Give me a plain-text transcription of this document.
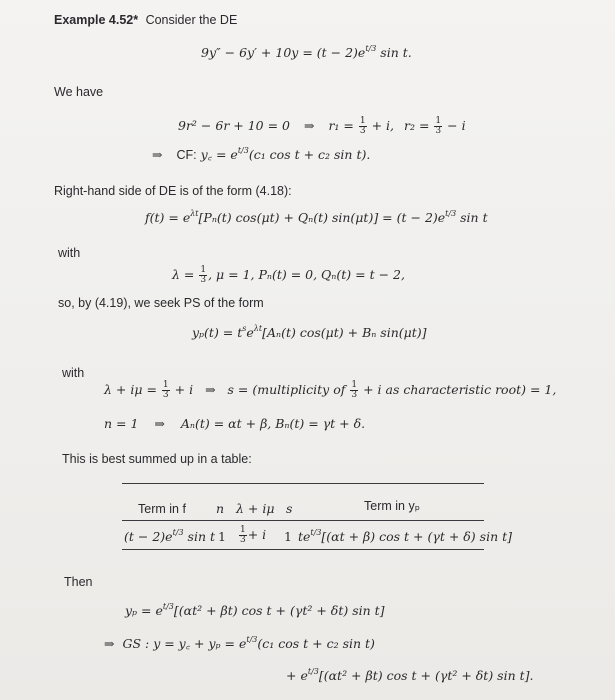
Example 4.52* Consider the DE
$9y'' - 6y' + 10y = (t - 2)e^{t/3}$ sin t.
We have
9r² − 6r + 10 = 0 ⇒ $r_1 = \frac{1}{3} + i$, $r_2 = \frac{1}{3} - i$
⇒ CF: y꜀ = $e^{t/3}(c_1$ cos t + c₂ sin t).
Right-hand side of DE is of the form (4.18):
$f(t) = e^{\lambda t}[P_n(t) \cos(\mu t) + Q_n(t) \sin(\mu t)] = (t - 2)e^{t/3}$ sin t
with
$\lambda = \frac{1}{3}$ , μ = 1, Pₙ(t) = 0, Qₙ(t) = t − 2,
so, by (4.19), we seek PS of the form
$y_p(t) = t^se^{\lambda t}[A_n(t) \cos(\mu t) + B_n$ sin(μt)]
with
$\lambda + i\mu = \frac{1}{3} + i$ ⇒ s = (multiplicity of $\frac{1}{3} + i$ as characteristic root) = 1,
n = 1 ⇒ Aₙ(t) = αt + β, Bₙ(t) = γt + δ.
This is best summed up in a table:
Term in f n λ + iμ s	Term in yₚ
$(t - 2)e^{t/3}$ sin t $1 \frac{1}{3} + i$ 1 $te^{t/3}[(\alpha t + \beta)$ cos t + (γt + δ) sin t]
Then
$y_p = e^{t/3}[(\alpha t^2 + \beta t)$ cos t + (γt² + δt) sin t]
⇒ GS : y = y꜀ + $y_p = e^{t/3}(c_1$ cos t + c₂ sin t)
+ $e^{t/3}[(\alpha t^2 + \beta t)$ cos t + (γt² + δt) sin t].
